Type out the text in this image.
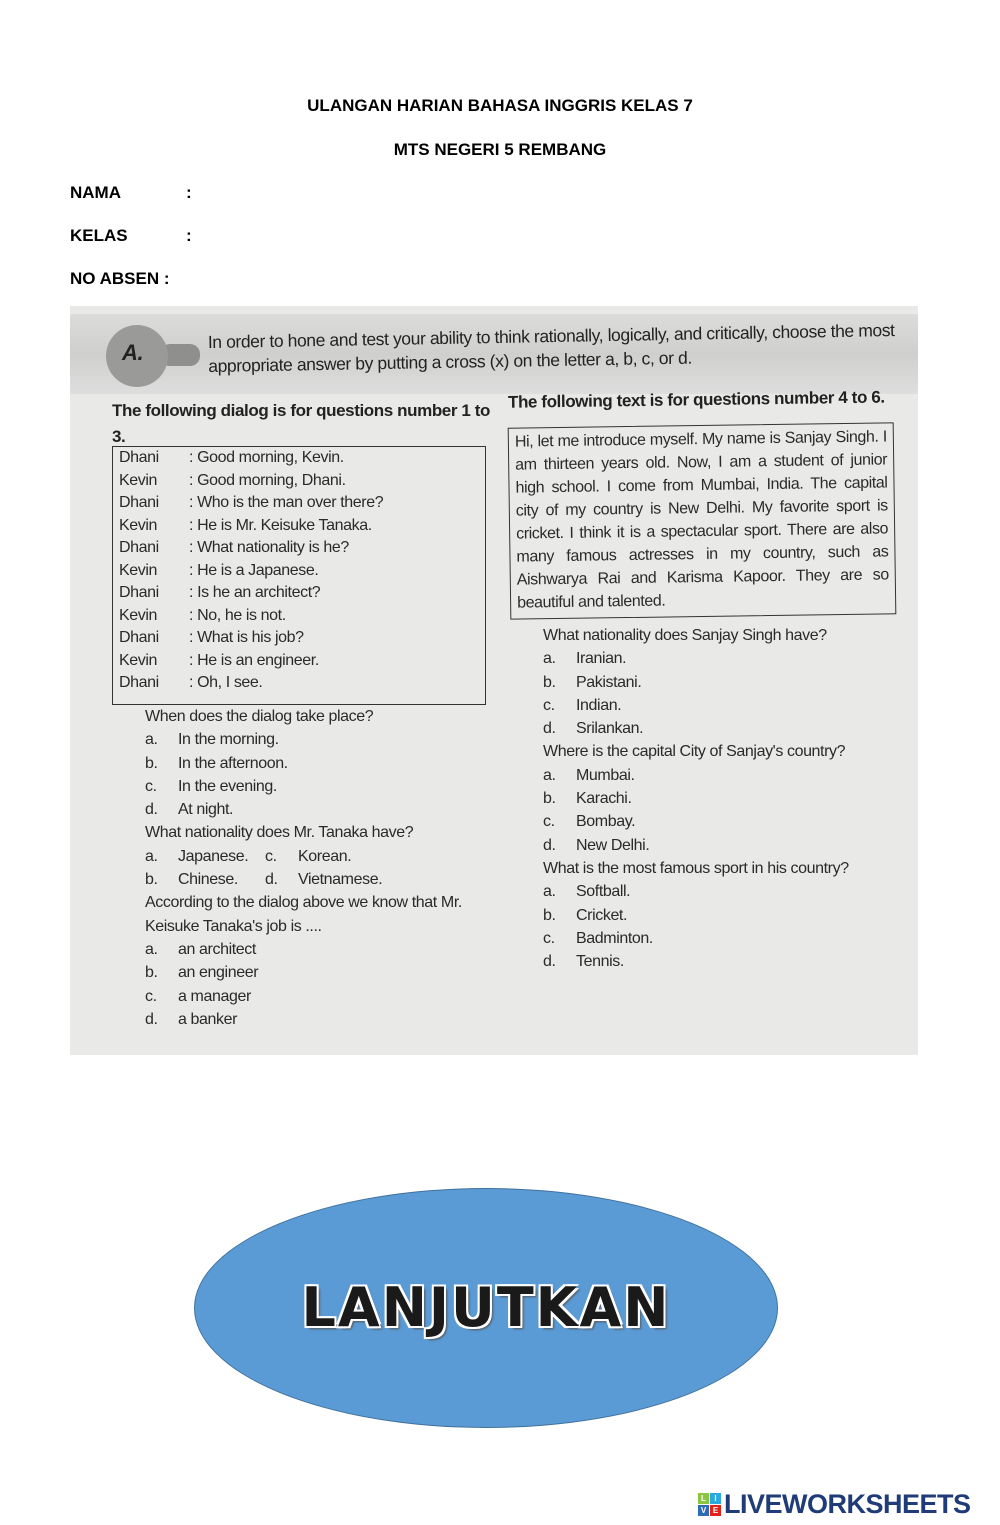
ULANGAN HARIAN BAHASA INGGRIS KELAS 7
MTS NEGERI 5 REMBANG
NAMA	:
KELAS	:
NO ABSEN :
A.
In order to hone and test your ability to think rationally, logically, and critically, choose the most appropriate answer by putting a cross (x) on the letter a, b, c, or d.
The following dialog is for questions number 1 to 3.
The following text is for questions number 4 to 6.
Dhani : Good morning, Kevin.
Kevin : Good morning, Dhani.
Dhani : Who is the man over there?
Kevin : He is Mr. Keisuke Tanaka.
Dhani : What nationality is he?
Kevin : He is a Japanese.
Dhani : Is he an architect?
Kevin : No, he is not.
Dhani : What is his job?
Kevin : He is an engineer.
Dhani : Oh, I see.
Hi, let me introduce myself. My name is Sanjay Singh. I am thirteen years old. Now, I am a student of junior high school. I come from Mumbai, India. The capital city of my country is New Delhi. My favorite sport is cricket. I think it is a spectacular sport. There are also many famous actresses in my country, such as Aishwarya Rai and Karisma Kapoor. They are so beautiful and talented.
When does the dialog take place?
a. In the morning.
b. In the afternoon.
c. In the evening.
d. At night.
What nationality does Mr. Tanaka have?
a. Japanese.	c. Korean.
b. Chinese.	d. Vietnamese.
According to the dialog above we know that Mr. Keisuke Tanaka's job is ....
a. an architect
b. an engineer
c. a manager
d. a banker
What nationality does Sanjay Singh have?
a. Iranian.
b. Pakistani.
c. Indian.
d. Srilankan.
Where is the capital City of Sanjay's country?
a. Mumbai.
b. Karachi.
c. Bombay.
d. New Delhi.
What is the most famous sport in his country?
a. Softball.
b. Cricket.
c. Badminton.
d. Tennis.
LANJUTKAN
L	I
V E LIVEWORKSHEETS
